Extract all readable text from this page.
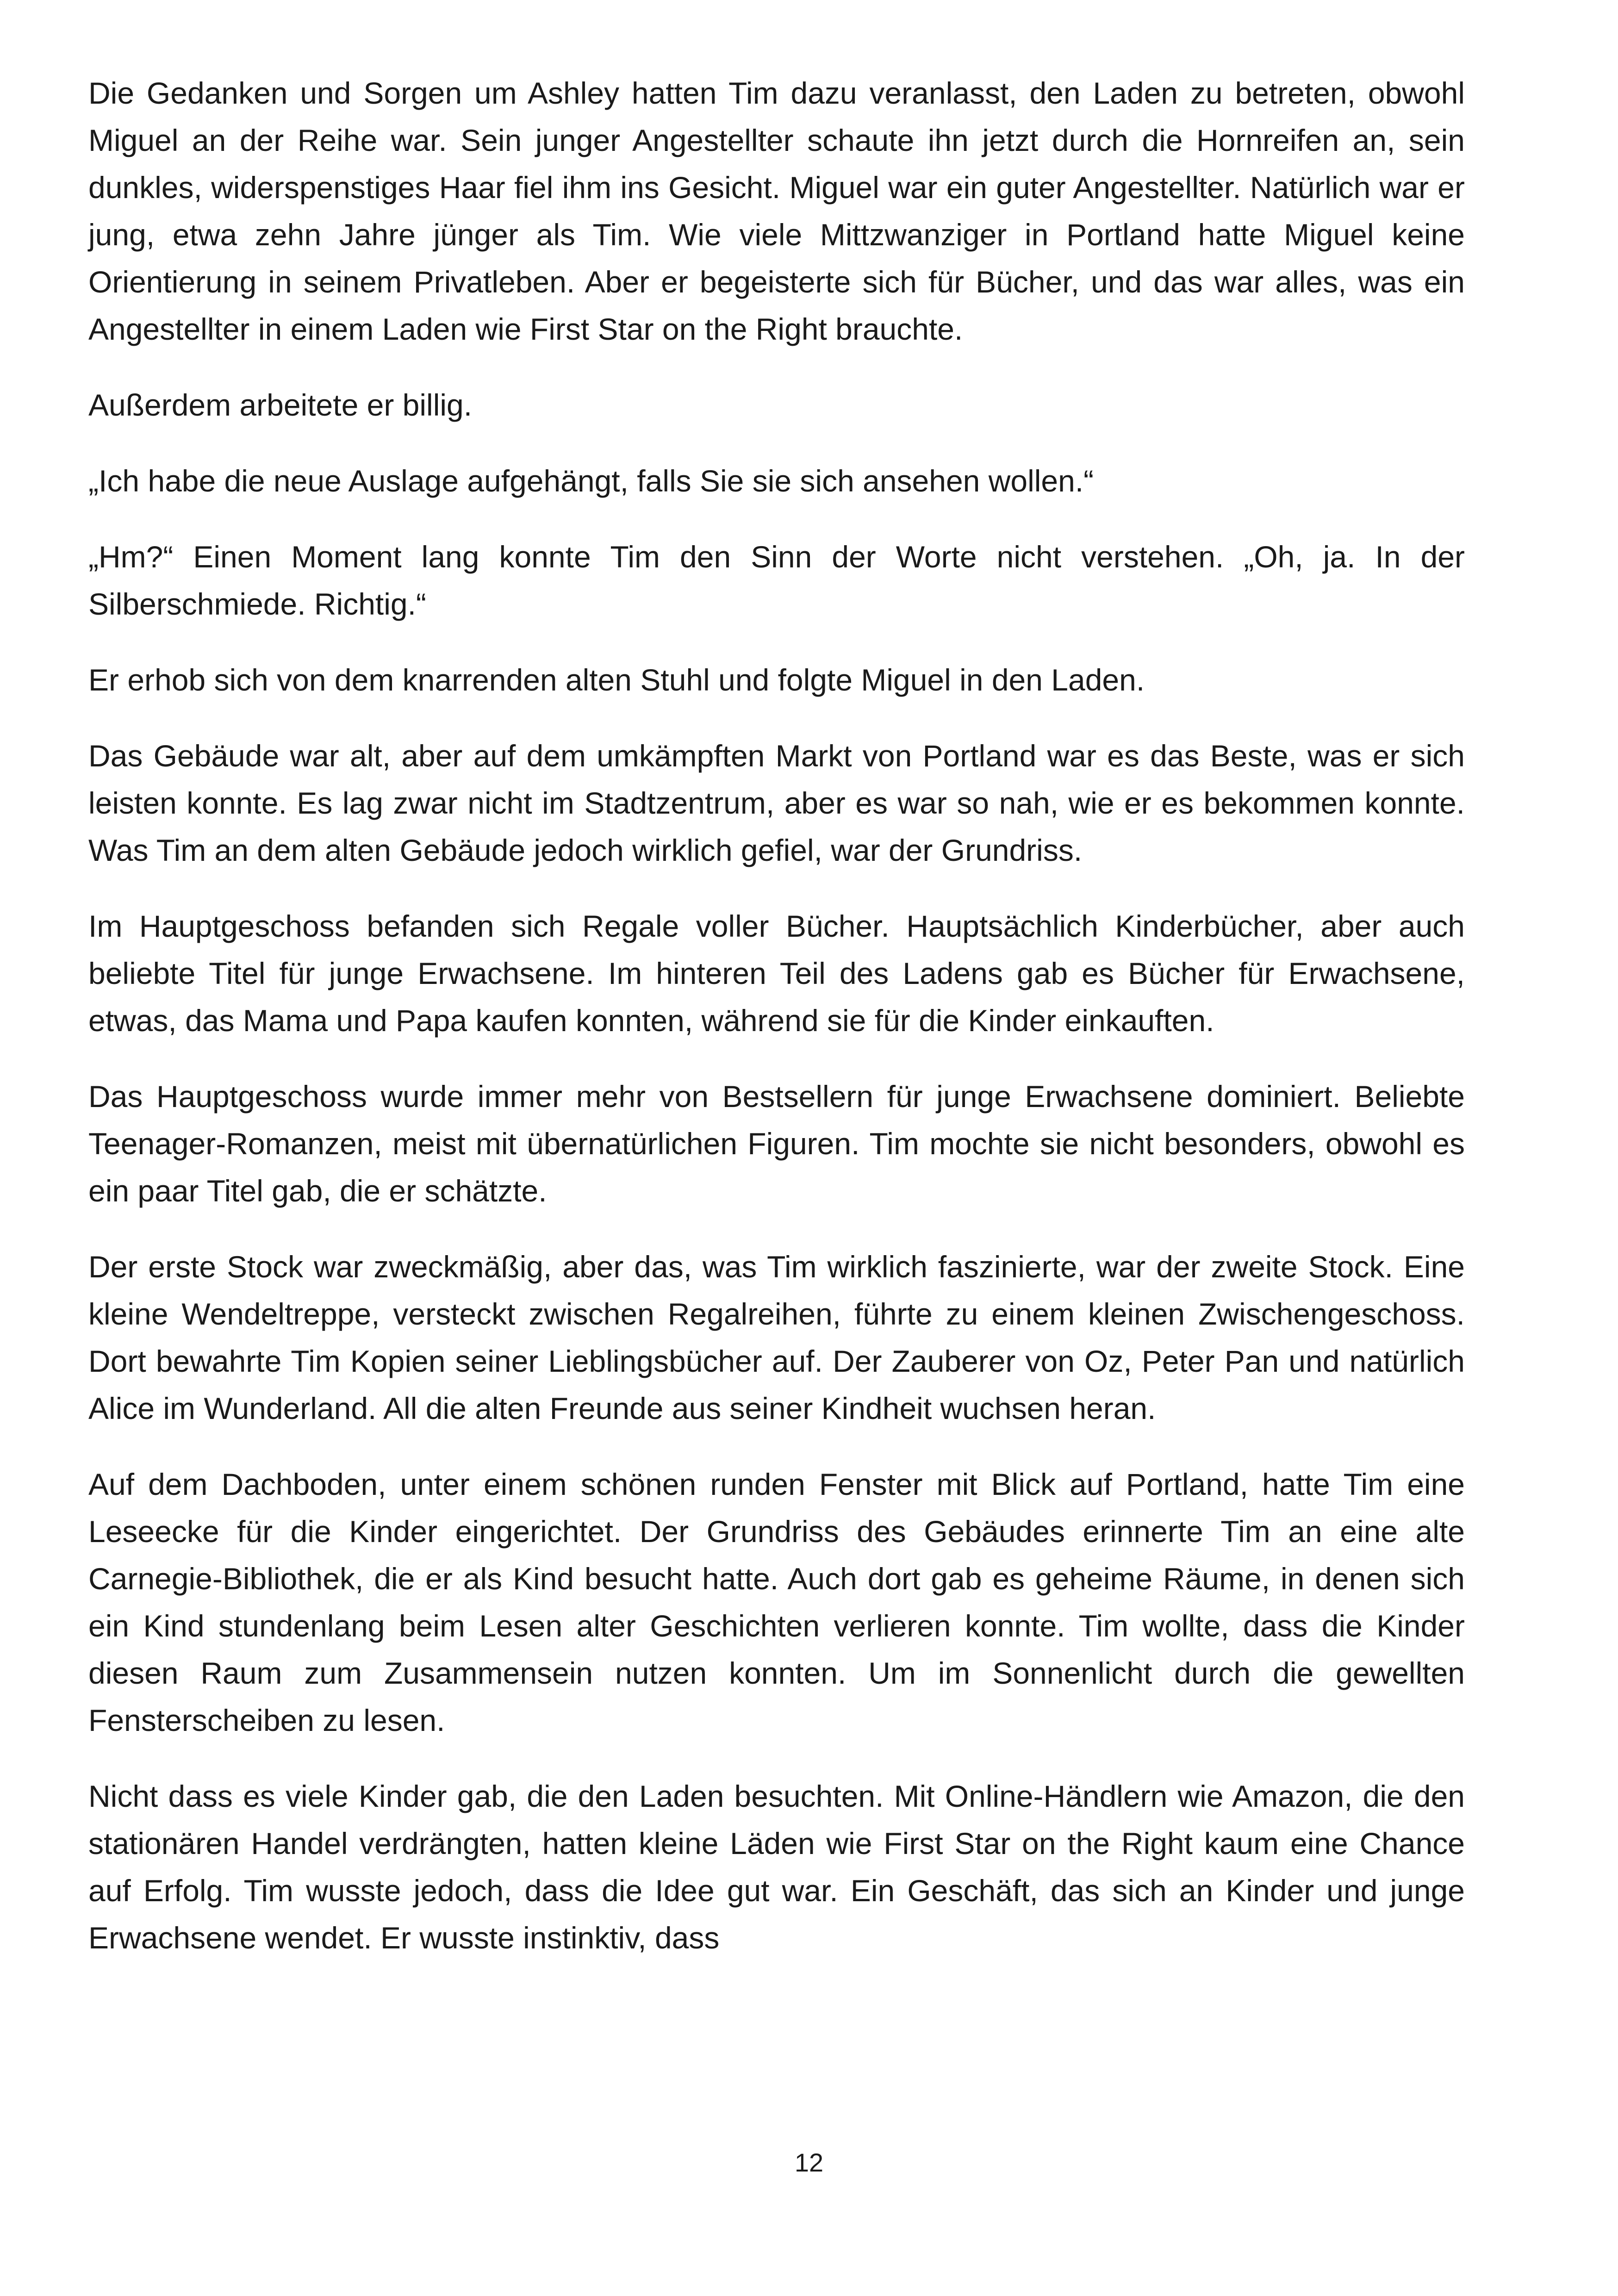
Die Gedanken und Sorgen um Ashley hatten Tim dazu veranlasst, den Laden zu betreten, obwohl Miguel an der Reihe war. Sein junger Angestellter schaute ihn jetzt durch die Hornreifen an, sein dunkles, widerspenstiges Haar fiel ihm ins Gesicht. Miguel war ein guter Angestellter. Natürlich war er jung, etwa zehn Jahre jünger als Tim. Wie viele Mittzwanziger in Portland hatte Miguel keine Orientierung in seinem Privatleben. Aber er begeisterte sich für Bücher, und das war alles, was ein Angestellter in einem Laden wie First Star on the Right brauchte.

Außerdem arbeitete er billig.

„Ich habe die neue Auslage aufgehängt, falls Sie sie sich ansehen wollen.“

„Hm?“ Einen Moment lang konnte Tim den Sinn der Worte nicht verstehen. „Oh, ja. In der Silberschmiede. Richtig.“

Er erhob sich von dem knarrenden alten Stuhl und folgte Miguel in den Laden.

Das Gebäude war alt, aber auf dem umkämpften Markt von Portland war es das Beste, was er sich leisten konnte. Es lag zwar nicht im Stadtzentrum, aber es war so nah, wie er es bekommen konnte. Was Tim an dem alten Gebäude jedoch wirklich gefiel, war der Grundriss.

Im Hauptgeschoss befanden sich Regale voller Bücher. Hauptsächlich Kinderbücher, aber auch beliebte Titel für junge Erwachsene. Im hinteren Teil des Ladens gab es Bücher für Erwachsene, etwas, das Mama und Papa kaufen konnten, während sie für die Kinder einkauften.

Das Hauptgeschoss wurde immer mehr von Bestsellern für junge Erwachsene dominiert. Beliebte Teenager-Romanzen, meist mit übernatürlichen Figuren. Tim mochte sie nicht besonders, obwohl es ein paar Titel gab, die er schätzte.

Der erste Stock war zweckmäßig, aber das, was Tim wirklich faszinierte, war der zweite Stock. Eine kleine Wendeltreppe, versteckt zwischen Regalreihen, führte zu einem kleinen Zwischengeschoss. Dort bewahrte Tim Kopien seiner Lieblingsbücher auf. Der Zauberer von Oz, Peter Pan und natürlich Alice im Wunderland. All die alten Freunde aus seiner Kindheit wuchsen heran.

Auf dem Dachboden, unter einem schönen runden Fenster mit Blick auf Portland, hatte Tim eine Leseecke für die Kinder eingerichtet. Der Grundriss des Gebäudes erinnerte Tim an eine alte Carnegie-Bibliothek, die er als Kind besucht hatte. Auch dort gab es geheime Räume, in denen sich ein Kind stundenlang beim Lesen alter Geschichten verlieren konnte. Tim wollte, dass die Kinder diesen Raum zum Zusammensein nutzen konnten. Um im Sonnenlicht durch die gewellten Fensterscheiben zu lesen.

Nicht dass es viele Kinder gab, die den Laden besuchten. Mit Online-Händlern wie Amazon, die den stationären Handel verdrängten, hatten kleine Läden wie First Star on the Right kaum eine Chance auf Erfolg. Tim wusste jedoch, dass die Idee gut war. Ein Geschäft, das sich an Kinder und junge Erwachsene wendet. Er wusste instinktiv, dass

12
